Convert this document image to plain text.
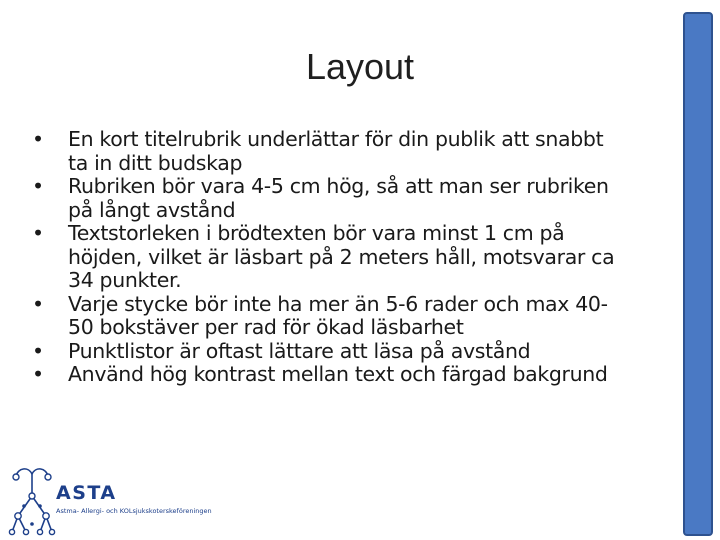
Layout
•	En kort titelrubrik underlättar för din publik att snabbt
ta in ditt budskap
•	Rubriken bör vara 4-5 cm hög, så att man ser rubriken
på långt avstånd
•	Textstorleken i brödtexten bör vara minst 1 cm på
höjden, vilket är läsbart på 2 meters håll, motsvarar ca
34 punkter.
•	Varje stycke bör inte ha mer än 5-6 rader och max 40-
50 bokstäver per rad för ökad läsbarhet
•	Punktlistor är oftast lättare att läsa på avstånd
•	Använd hög kontrast mellan text och färgad bakgrund
ASTA
Astma- Allergi- och KOLsjukskoterskeföreningen
